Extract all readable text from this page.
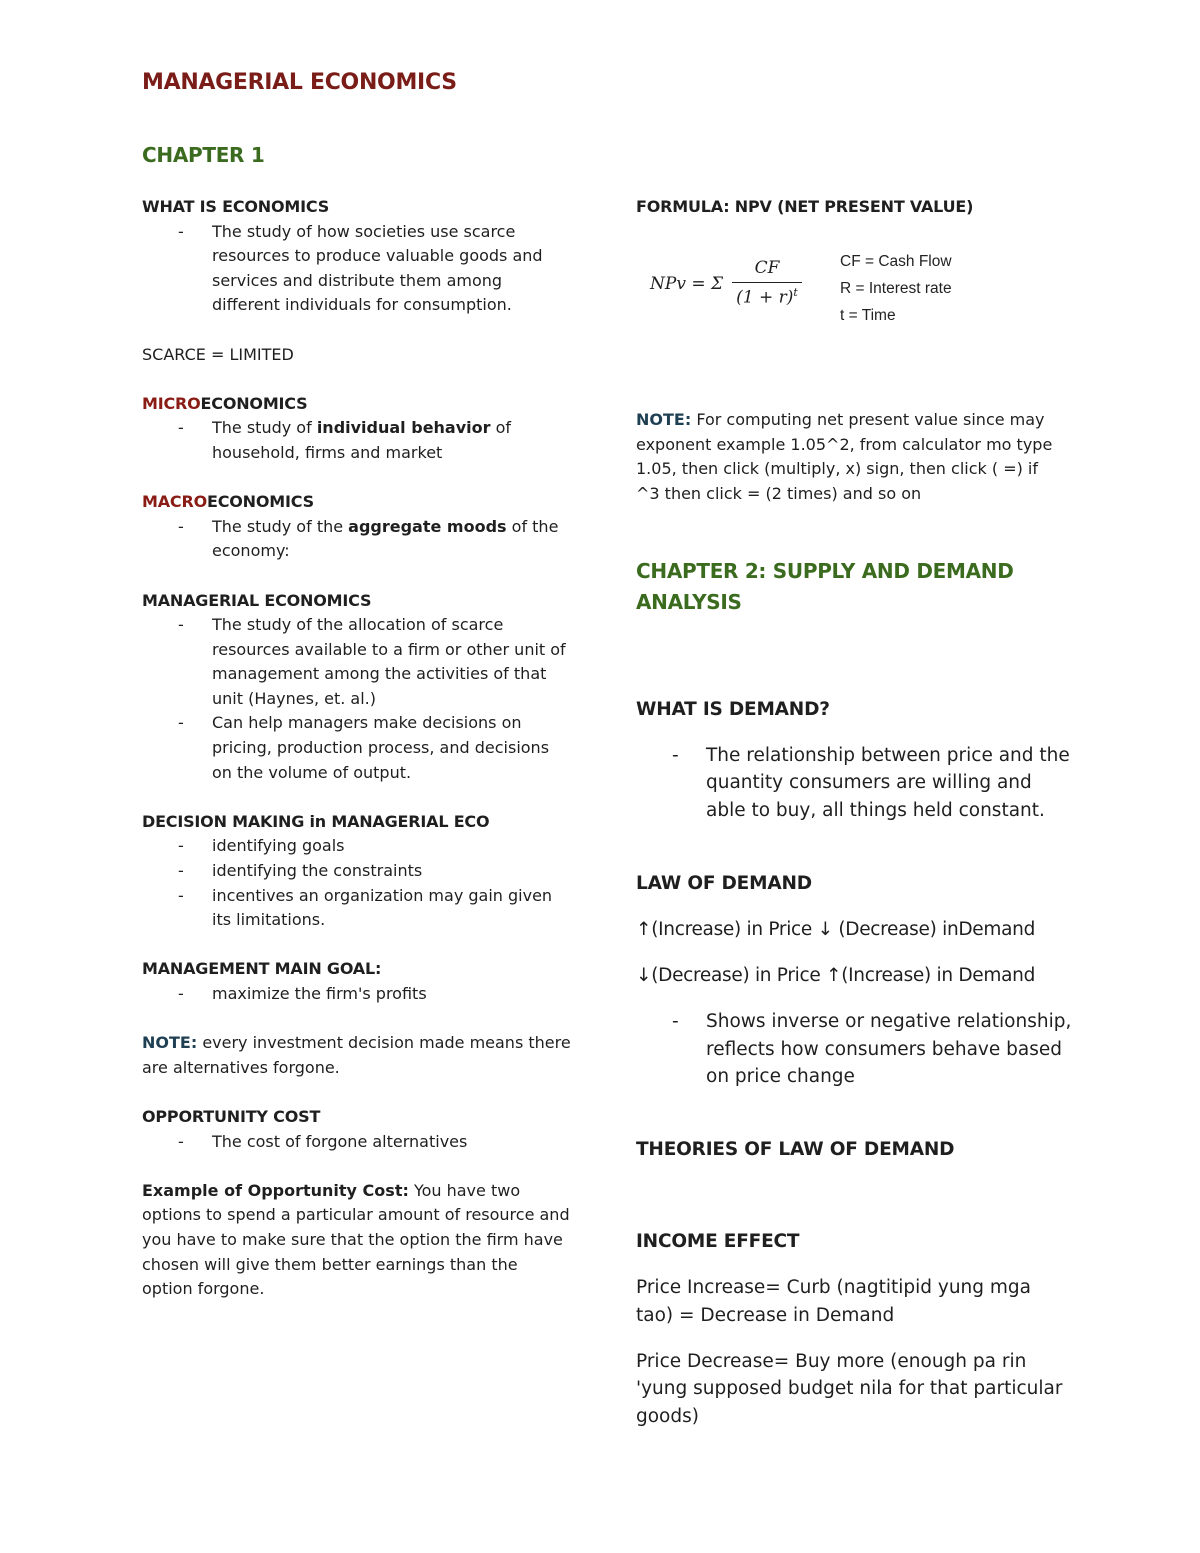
MANAGERIAL ECONOMICS
CHAPTER 1

WHAT IS ECONOMICS

- The study of how societies use scarce resources to produce valuable goods and services and distribute them among different individuals for consumption.

SCARCE = LIMITED

MICROECONOMICS

- The study of individual behavior of household, firms and market

MACROECONOMICS

- The study of the aggregate moods of the economy:

MANAGERIAL ECONOMICS

- The study of the allocation of scarce resources available to a firm or other unit of management among the activities of that unit (Haynes, et. al.)
- Can help managers make decisions on pricing, production process, and decisions on the volume of output.

DECISION MAKING in MANAGERIAL ECO

- identifying goals
- identifying the constraints
- incentives an organization may gain given its limitations.

MANAGEMENT MAIN GOAL:

- maximize the firm's profits

NOTE: every investment decision made means there are alternatives forgone.

OPPORTUNITY COST

- The cost of forgone alternatives

Example of Opportunity Cost: You have two options to spend a particular amount of resource and you have to make sure that the option the firm have chosen will give them better earnings than the option forgone.

FORMULA: NPV (NET PRESENT VALUE)

NPv = Σ
CF
$(1 + r)^t$
CF = Cash Flow
R = Interest rate
t = Time

NOTE: For computing net present value since may exponent example 1.05^2, from calculator mo type 1.05, then click (multiply, x) sign, then click ( =) if ^3 then click = (2 times) and so on

CHAPTER 2: SUPPLY AND DEMAND ANALYSIS

WHAT IS DEMAND?

- The relationship between price and the quantity consumers are willing and able to buy, all things held constant.

LAW OF DEMAND

↑(Increase) in Price ↓ (Decrease) inDemand

↓(Decrease) in Price ↑(Increase) in Demand

- Shows inverse or negative relationship, reflects how consumers behave based on price change

THEORIES OF LAW OF DEMAND

INCOME EFFECT

Price Increase= Curb (nagtitipid yung mga tao) = Decrease in Demand

Price Decrease= Buy more (enough pa rin 'yung supposed budget nila for that particular goods)
